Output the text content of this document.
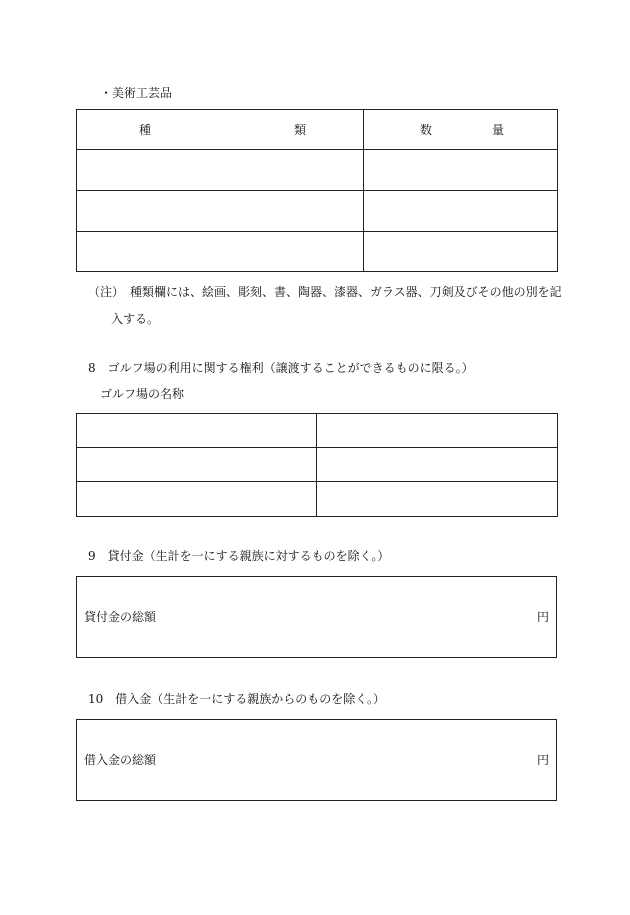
・美術工芸品
種 類	数 量

（注）　種類欄には、絵画、彫刻、書、陶器、漆器、ガラス器、刀剣及びその他の別を記
入する。
8　ゴルフ場の利用に関する権利（譲渡することができるものに限る。）
ゴルフ場の名称

9　貸付金（生計を一にする親族に対するものを除く。）
貸付金の総額	円
10　借入金（生計を一にする親族からのものを除く。）
借入金の総額	円
